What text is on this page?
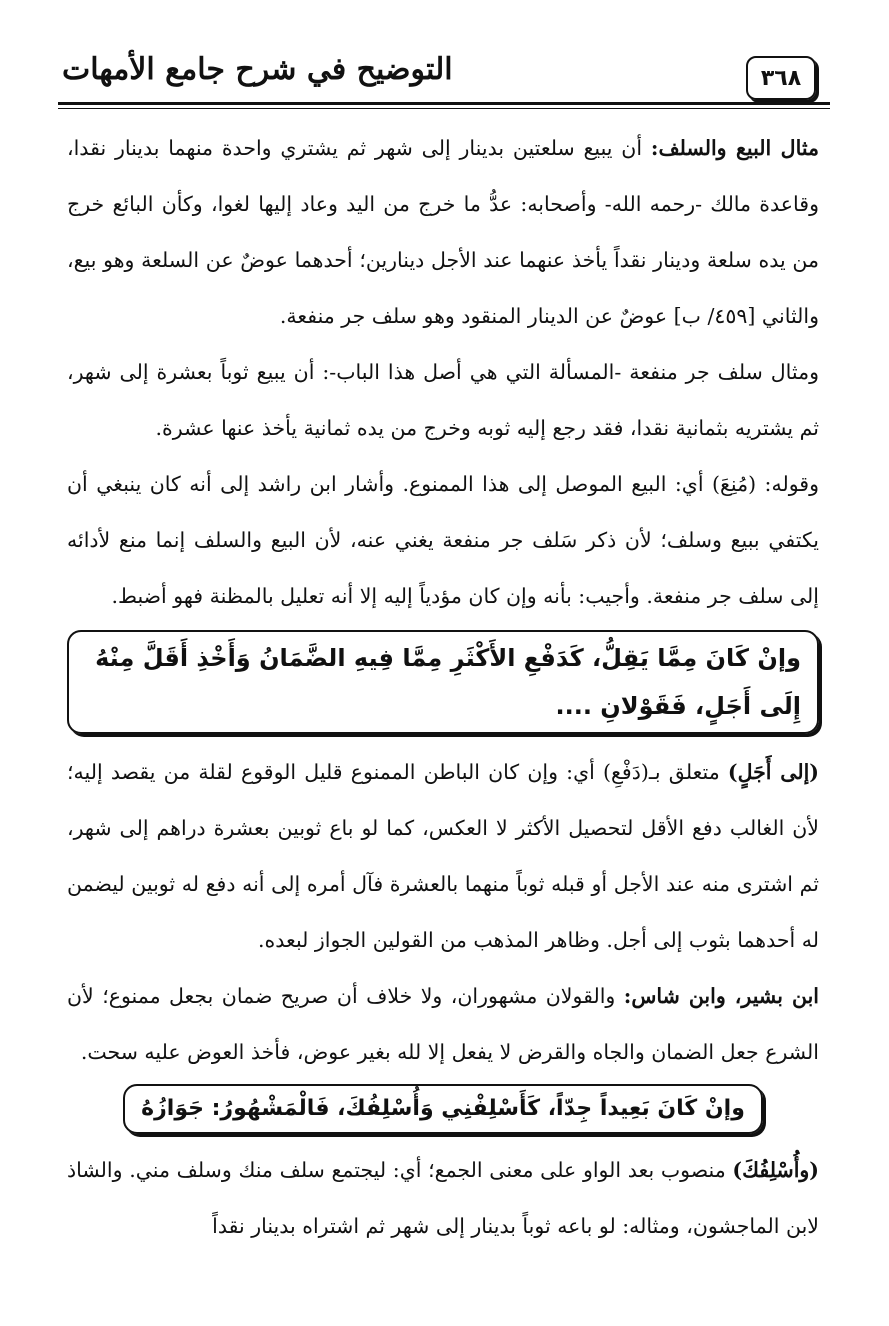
التوضيح في شرح جامع الأمهات	٣٦٨

مثال البيع والسلف: أن يبيع سلعتين بدينار إلى شهر ثم يشتري واحدة منهما بدينار نقدا، وقاعدة مالك -رحمه الله- وأصحابه: عدُّ ما خرج من اليد وعاد إليها لغوا، وكأن البائع خرج من يده سلعة ودينار نقداً يأخذ عنهما عند الأجل دينارين؛ أحدهما عوضٌ عن السلعة وهو بيع، والثاني [٤٥٩/ ب] عوضٌ عن الدينار المنقود وهو سلف جر منفعة.

ومثال سلف جر منفعة -المسألة التي هي أصل هذا الباب-: أن يبيع ثوباً بعشرة إلى شهر، ثم يشتريه بثمانية نقدا، فقد رجع إليه ثوبه وخرج من يده ثمانية يأخذ عنها عشرة.

وقوله: (مُنِعَ) أي: البيع الموصل إلى هذا الممنوع. وأشار ابن راشد إلى أنه كان ينبغي أن يكتفي ببيع وسلف؛ لأن ذكر سَلف جر منفعة يغني عنه، لأن البيع والسلف إنما منع لأدائه إلى سلف جر منفعة. وأجيب: بأنه وإن كان مؤدياً إليه إلا أنه تعليل بالمظنة فهو أضبط.

وإنْ كَانَ مِمَّا يَقِلُّ، كَدَفْعِ الأَكْثَرِ مِمَّا فِيهِ الضَّمَانُ وَأَخْذِ أَقَلَّ مِنْهُ إِلَى أَجَلٍ، فَقَوْلانِ ....

(إلى أَجَلٍ) متعلق بـ(دَفْعِ) أي: وإن كان الباطن الممنوع قليل الوقوع لقلة من يقصد إليه؛ لأن الغالب دفع الأقل لتحصيل الأكثر لا العكس، كما لو باع ثوبين بعشرة دراهم إلى شهر، ثم اشترى منه عند الأجل أو قبله ثوباً منهما بالعشرة فآل أمره إلى أنه دفع له ثوبين ليضمن له أحدهما بثوب إلى أجل. وظاهر المذهب من القولين الجواز لبعده.

ابن بشير، وابن شاس: والقولان مشهوران، ولا خلاف أن صريح ضمان بجعل ممنوع؛ لأن الشرع جعل الضمان والجاه والقرض لا يفعل إلا لله بغير عوض، فأخذ العوض عليه سحت.

وإنْ كَانَ بَعِيداً جِدّاً، كَأَسْلِفْنِي وَأُسْلِفُكَ، فَالْمَشْهُورُ: جَوَازُهُ

(وأُسْلِفُكَ) منصوب بعد الواو على معنى الجمع؛ أي: ليجتمع سلف منك وسلف مني. والشاذ لابن الماجشون، ومثاله: لو باعه ثوباً بدينار إلى شهر ثم اشتراه بدينار نقداً
